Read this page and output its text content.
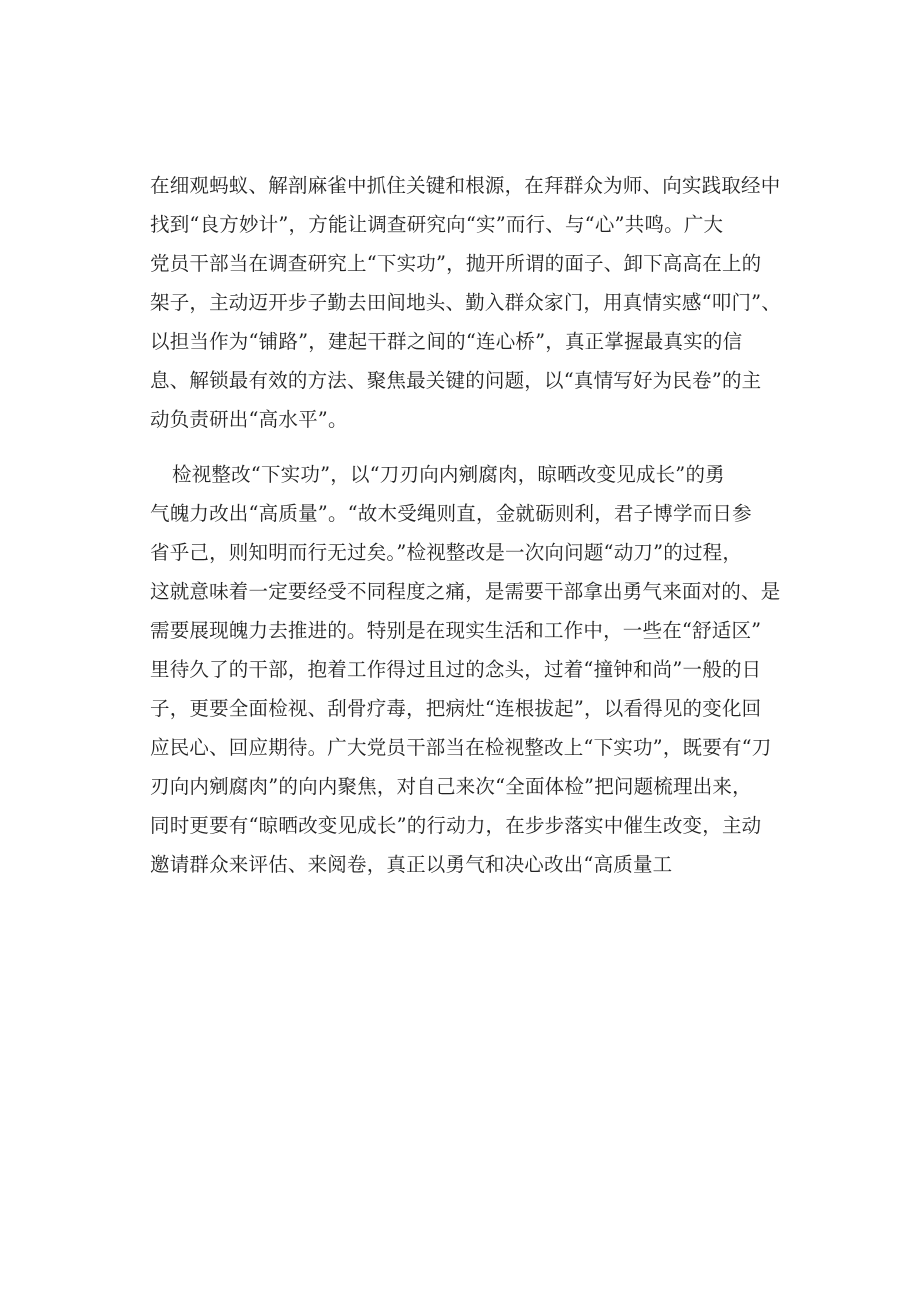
在细观蚂蚁、解剖麻雀中抓住关键和根源，在拜群众为师、向实践取经中
找到“良方妙计”，方能让调查研究向“实”而行、与“心”共鸣。广大
党员干部当在调查研究上“下实功”，抛开所谓的面子、卸下高高在上的
架子，主动迈开步子勤去田间地头、勤入群众家门，用真情实感“叩门”、
以担当作为“铺路”，建起干群之间的“连心桥”，真正掌握最真实的信
息、解锁最有效的方法、聚焦最关键的问题，以“真情写好为民卷”的主
动负责研出“高水平”。
检视整改“下实功”，以“刀刃向内剜腐肉，晾晒改变见成长”的勇
气魄力改出“高质量”。“故木受绳则直，金就砺则利，君子博学而日参
省乎己，则知明而行无过矣。”检视整改是一次向问题“动刀”的过程，
这就意味着一定要经受不同程度之痛，是需要干部拿出勇气来面对的、是
需要展现魄力去推进的。特别是在现实生活和工作中，一些在“舒适区”
里待久了的干部，抱着工作得过且过的念头，过着“撞钟和尚”一般的日
子，更要全面检视、刮骨疗毒，把病灶“连根拔起”，以看得见的变化回
应民心、回应期待。广大党员干部当在检视整改上“下实功”，既要有“刀
刃向内剜腐肉”的向内聚焦，对自己来次“全面体检”把问题梳理出来，
同时更要有“晾晒改变见成长”的行动力，在步步落实中催生改变，主动
邀请群众来评估、来阅卷，真正以勇气和决心改出“高质量工
